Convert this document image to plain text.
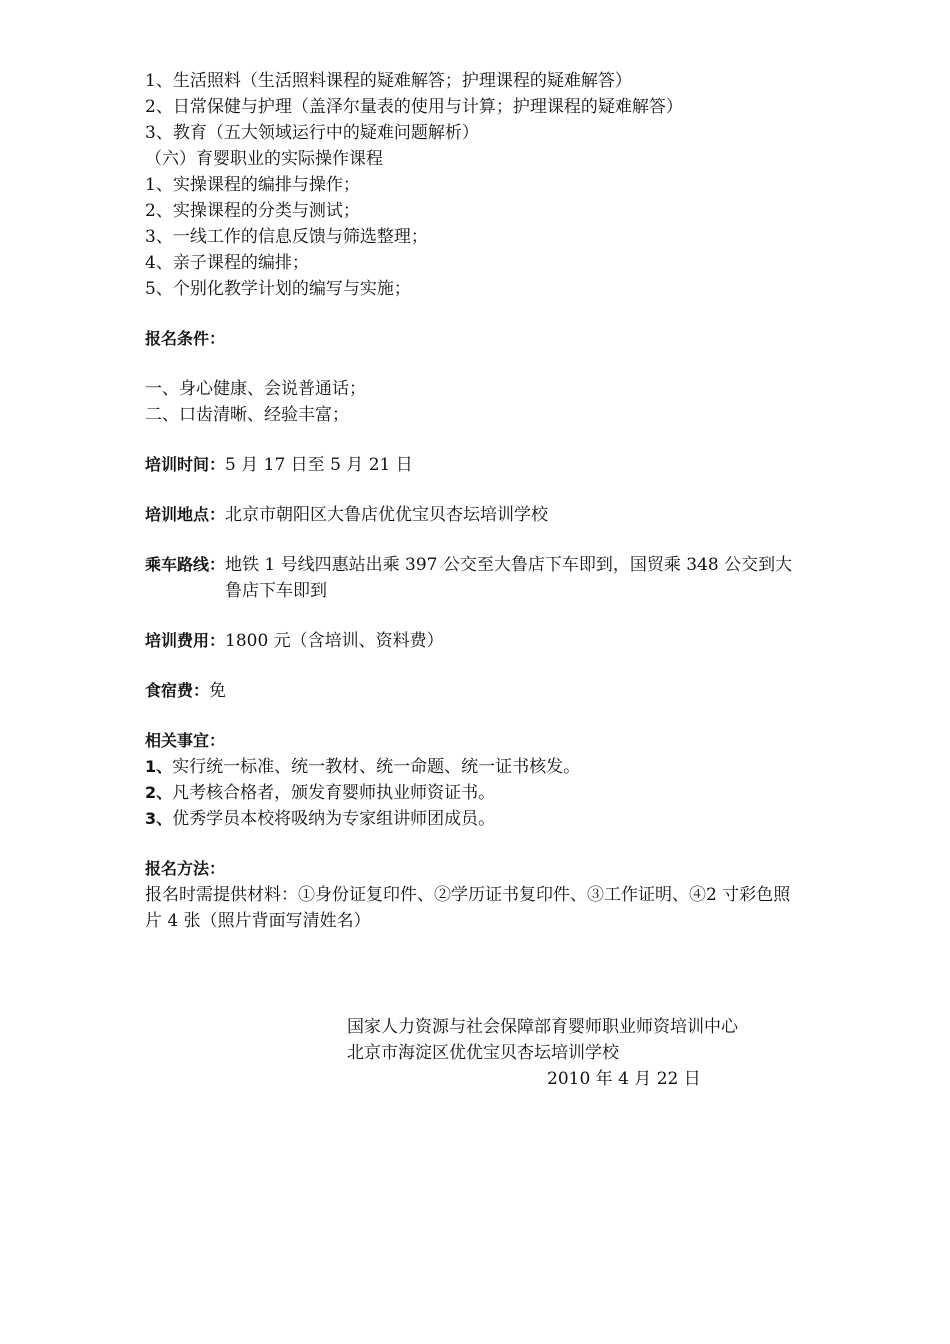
1、生活照料（生活照料课程的疑难解答；护理课程的疑难解答）
2、日常保健与护理（盖泽尔量表的使用与计算；护理课程的疑难解答）
3、教育（五大领域运行中的疑难问题解析）
（六）育婴职业的实际操作课程
1、实操课程的编排与操作；
2、实操课程的分类与测试；
3、一线工作的信息反馈与筛选整理；
4、亲子课程的编排；
5、个别化教学计划的编写与实施；
报名条件：
一、身心健康、会说普通话；
二、口齿清晰、经验丰富；
培训时间： 5 月 17 日至 5 月 21 日
培训地点： 北京市朝阳区大鲁店优优宝贝杏坛培训学校
乘车路线： 地铁 1 号线四惠站出乘 397 公交至大鲁店下车即到，国贸乘 348 公交到大鲁店下车即到
培训费用： 1800 元（含培训、资料费）
食宿费： 免
相关事宜：
1、实行统一标准、统一教材、统一命题、统一证书核发。
2、凡考核合格者，颁发育婴师执业师资证书。
3、优秀学员本校将吸纳为专家组讲师团成员。
报名方法：
报名时需提供材料：①身份证复印件、②学历证书复印件、③工作证明、④2 寸彩色照片 4 张（照片背面写清姓名）
国家人力资源与社会保障部育婴师职业师资培训中心
北京市海淀区优优宝贝杏坛培训学校
2010 年 4 月 22 日
